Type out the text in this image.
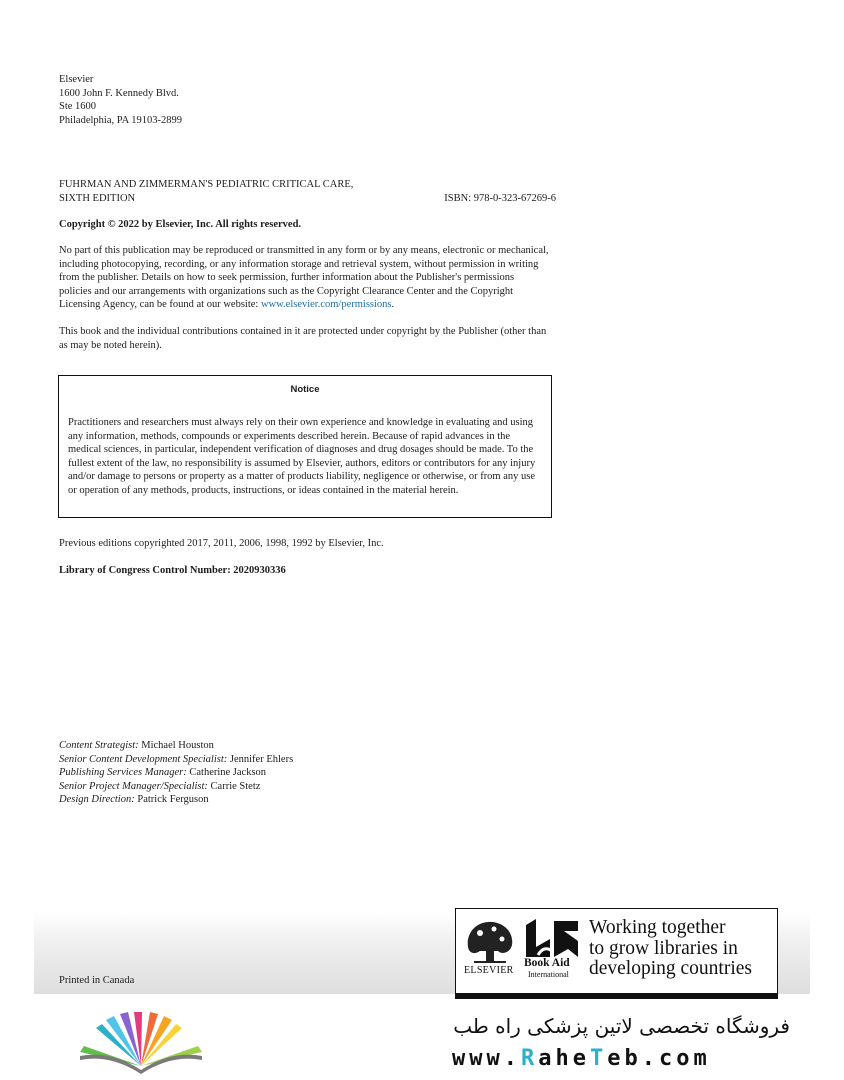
Elsevier
1600 John F. Kennedy Blvd.
Ste 1600
Philadelphia, PA 19103-2899
FUHRMAN AND ZIMMERMAN'S PEDIATRIC CRITICAL CARE,
SIXTH EDITION	ISBN: 978-0-323-67269-6
Copyright © 2022 by Elsevier, Inc. All rights reserved.
No part of this publication may be reproduced or transmitted in any form or by any means, electronic or mechanical, including photocopying, recording, or any information storage and retrieval system, without permission in writing from the publisher. Details on how to seek permission, further information about the Publisher's permissions policies and our arrangements with organizations such as the Copyright Clearance Center and the Copyright Licensing Agency, can be found at our website: www.elsevier.com/permissions.
This book and the individual contributions contained in it are protected under copyright by the Publisher (other than as may be noted herein).
Notice
Practitioners and researchers must always rely on their own experience and knowledge in evaluating and using any information, methods, compounds or experiments described herein. Because of rapid advances in the medical sciences, in particular, independent verification of diagnoses and drug dosages should be made. To the fullest extent of the law, no responsibility is assumed by Elsevier, authors, editors or contributors for any injury and/or damage to persons or property as a matter of products liability, negligence or otherwise, or from any use or operation of any methods, products, instructions, or ideas contained in the material herein.
Previous editions copyrighted 2017, 2011, 2006, 1998, 1992 by Elsevier, Inc.
Library of Congress Control Number: 2020930336
Content Strategist: Michael Houston
Senior Content Development Specialist: Jennifer Ehlers
Publishing Services Manager: Catherine Jackson
Senior Project Manager/Specialist: Carrie Stetz
Design Direction: Patrick Ferguson
Printed in Canada
ELSEVIER
Book Aid
International
Working together
to grow libraries in
developing countries
فروشگاه تخصصی لاتین پزشکی راه طب
www.RaheTeb.com
